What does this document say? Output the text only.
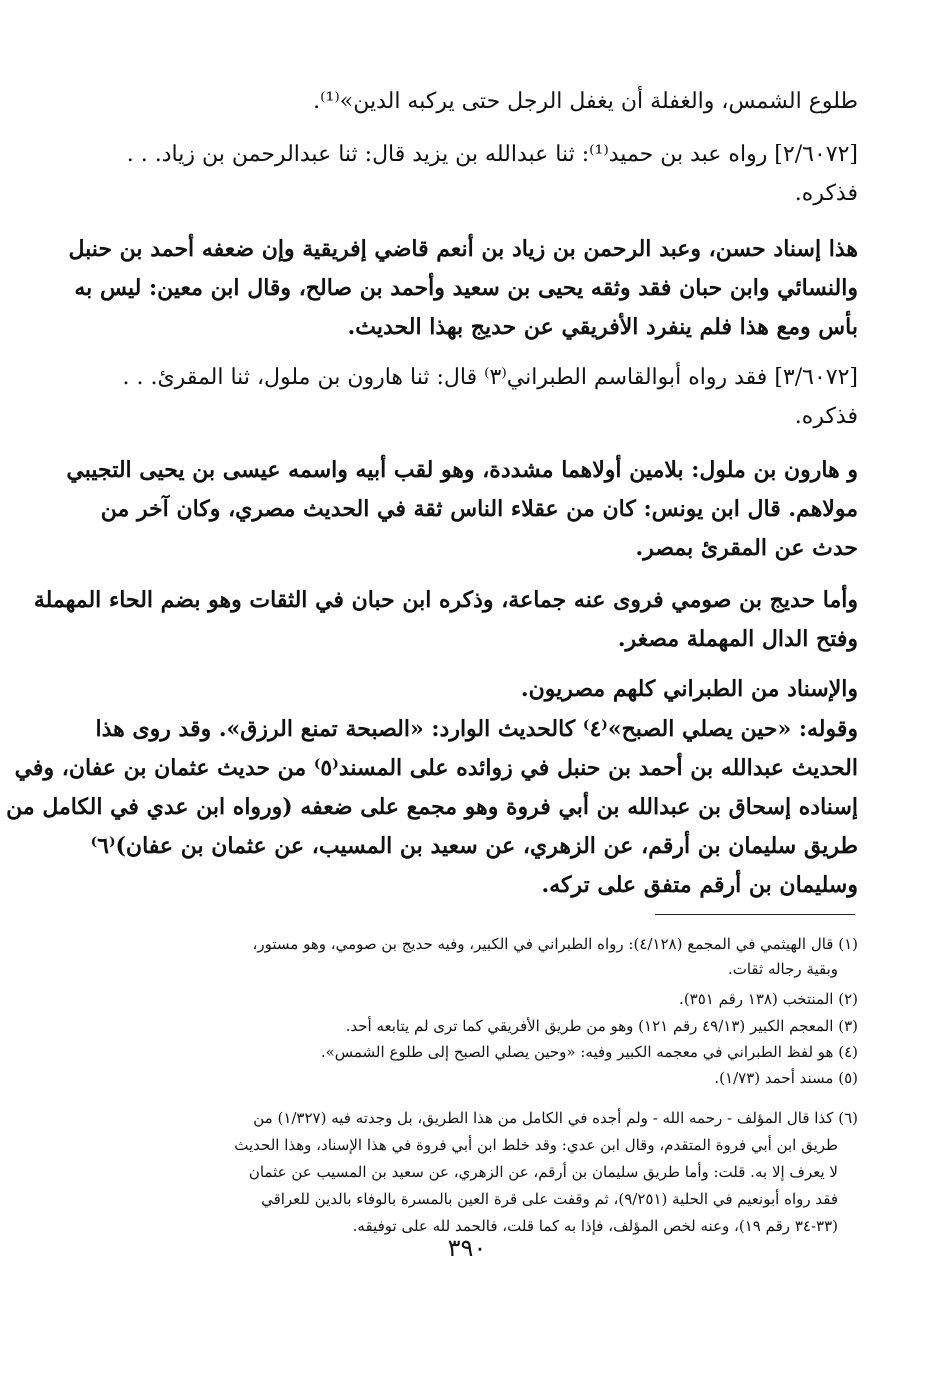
طلوع الشمس، والغفلة أن يغفل الرجل حتى يركبه الدين»⁽¹⁾.
[٢/٦٠٧٢] رواه عبد بن حميد⁽¹⁾: ثنا عبدالله بن يزيد قال: ثنا عبدالرحمن بن زياد. . .
فذكره.
هذا إسناد حسن، وعبد الرحمن بن زياد بن أنعم قاضي إفريقية وإن ضعفه أحمد بن حنبل
والنسائي وابن حبان فقد وثقه يحيى بن سعيد وأحمد بن صالح، وقال ابن معين: ليس به
بأس ومع هذا فلم ينفرد الأفريقي عن حديج بهذا الحديث.
[٣/٦٠٧٢] فقد رواه أبوالقاسم الطبراني⁽٣⁾ قال: ثنا هارون بن ملول، ثنا المقرئ. . .
فذكره.
و هارون بن ملول: بلامين أولاهما مشددة، وهو لقب أبيه واسمه عيسى بن يحيى التجيبي
مولاهم. قال ابن يونس: كان من عقلاء الناس ثقة في الحديث مصري، وكان آخر من
حدث عن المقرئ بمصر.
وأما حديج بن صومي فروى عنه جماعة، وذكره ابن حبان في الثقات وهو بضم الحاء المهملة
وفتح الدال المهملة مصغر.
والإسناد من الطبراني كلهم مصريون.
وقوله: «حين يصلي الصبح»⁽٤⁾ كالحديث الوارد: «الصبحة تمنع الرزق». وقد روى هذا
الحديث عبدالله بن أحمد بن حنبل في زوائده على المسند⁽٥⁾ من حديث عثمان بن عفان، وفي
إسناده إسحاق بن عبدالله بن أبي فروة وهو مجمع على ضعفه (ورواه ابن عدي في الكامل من
طريق سليمان بن أرقم، عن الزهري، عن سعيد بن المسيب، عن عثمان بن عفان)⁽٦⁾
وسليمان بن أرقم متفق على تركه.
(١) قال الهيثمي في المجمع (٤/١٢٨): رواه الطبراني في الكبير، وفيه حديج بن صومي، وهو مستور،
وبقية رجاله ثقات.
(٢) المنتخب (١٣٨ رقم ٣٥١).
(٣) المعجم الكبير (٤٩/١٣ رقم ١٢١) وهو من طريق الأفريقي كما ترى لم يتابعه أحد.
(٤) هو لفظ الطبراني في معجمه الكبير وفيه: «وحين يصلي الصبح إلى طلوع الشمس».
(٥) مسند أحمد (١/٧٣).
(٦) كذا قال المؤلف - رحمه الله - ولم أجده في الكامل من هذا الطريق، بل وجدته فيه (١/٣٢٧) من
طريق ابن أبي فروة المتقدم، وقال ابن عدي: وقد خلط ابن أبي فروة في هذا الإسناد، وهذا الحديث
لا يعرف إلا به. قلت: وأما طريق سليمان بن أرقم، عن الزهري، عن سعيد بن المسيب عن عثمان
فقد رواه أبونعيم في الحلية (٩/٢٥١)، ثم وقفت على قرة العين بالمسرة بالوفاء بالدين للعراقي
(٣٣-٣٤ رقم ١٩)، وعنه لخص المؤلف، فإذا به كما قلت، فالحمد لله على توفيقه.
٣٩٠
